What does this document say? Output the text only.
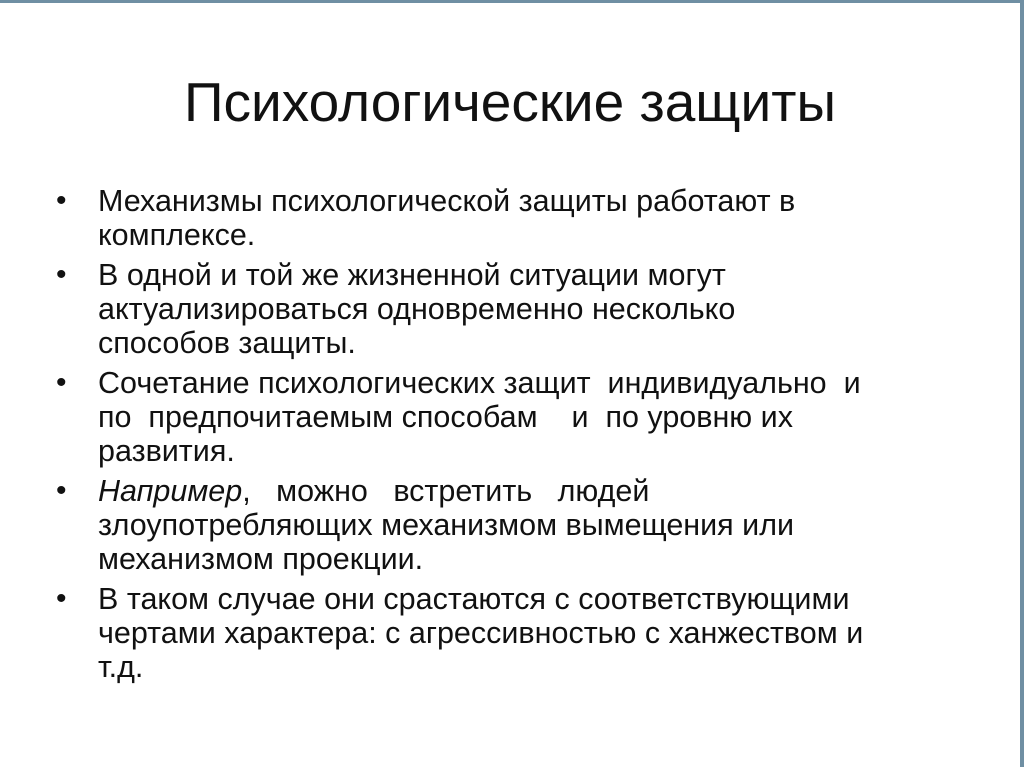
Психологические защиты
•	Механизмы психологической защиты работают в
комплексе.
•	В одной и той же жизненной ситуации могут
актуализироваться одновременно несколько
способов защиты.
•	Сочетание психологических защит  индивидуально  и
по  предпочитаемым способам    и  по уровню их
развития.
•	Например,   можно   встретить   людей
злоупотребляющих механизмом вымещения или
механизмом проекции.
•	В таком случае они срастаются с соответствующими
чертами характера: с агрессивностью с ханжеством и
т.д.
